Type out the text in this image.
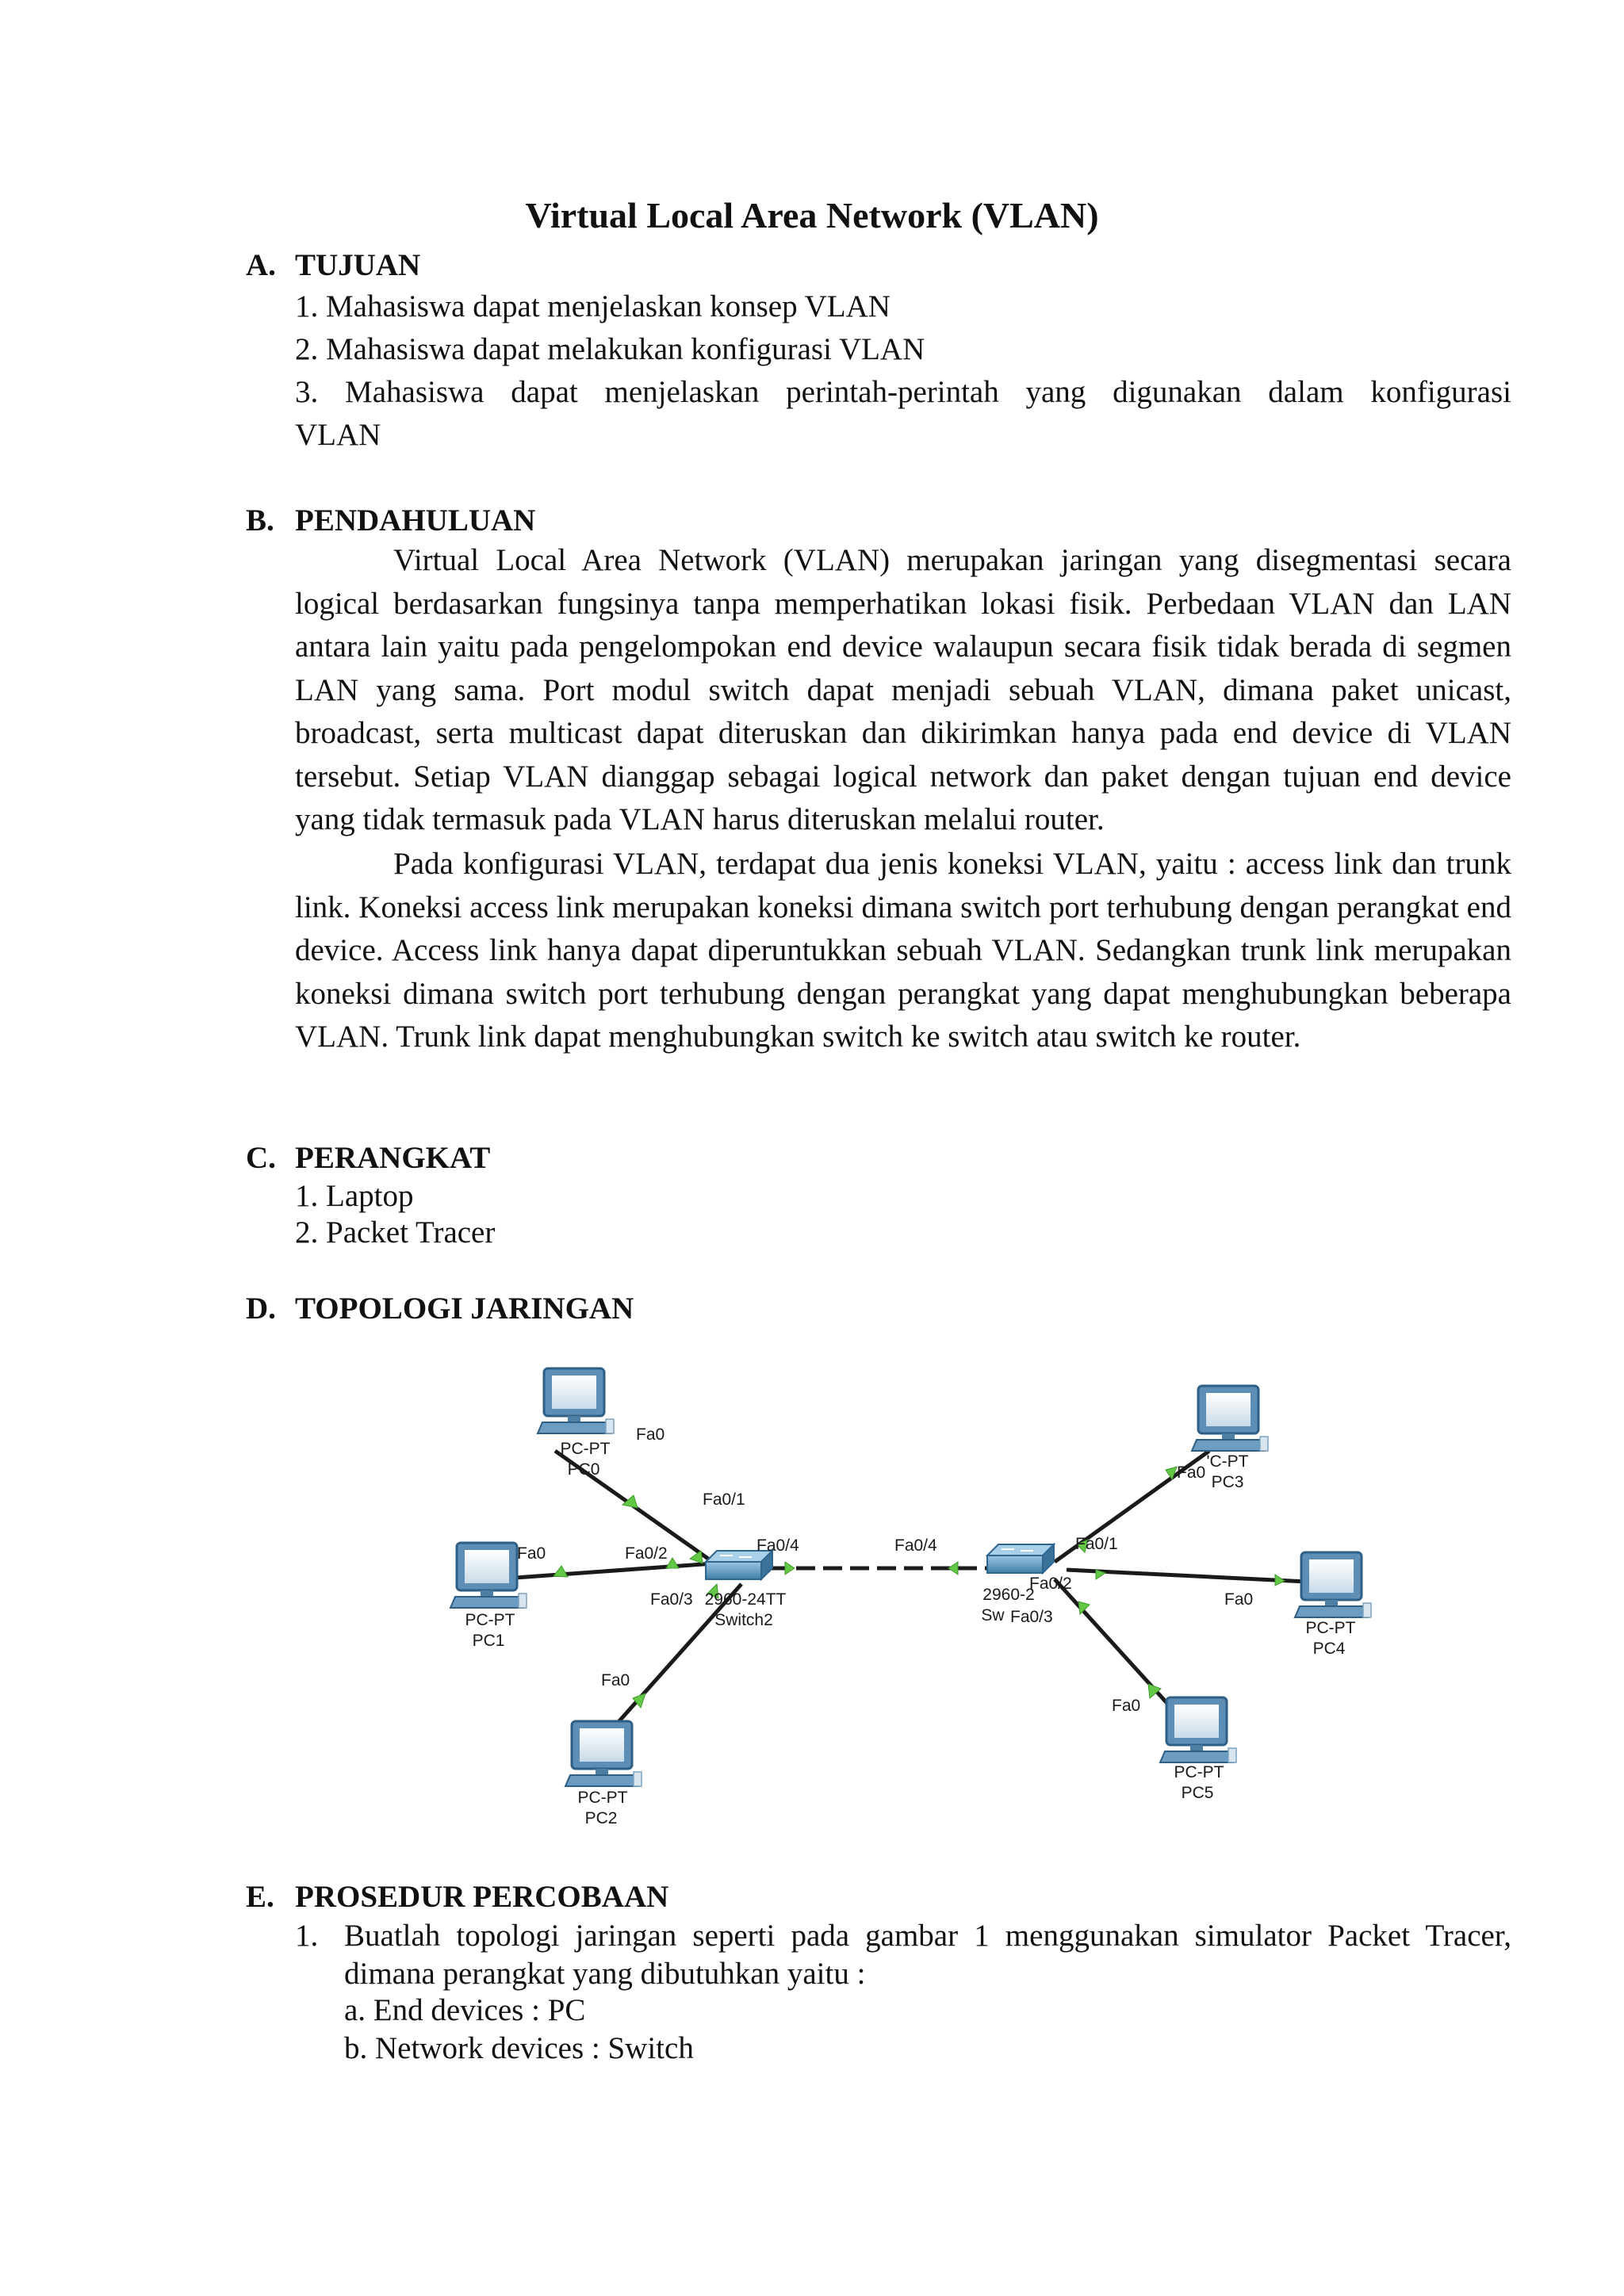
Virtual Local Area Network (VLAN)
A. TUJUAN
1. Mahasiswa dapat menjelaskan konsep VLAN
2. Mahasiswa dapat melakukan konfigurasi VLAN
3. Mahasiswa dapat menjelaskan perintah-perintah yang digunakan dalam konfigurasi
VLAN
B. PENDAHULUAN
Virtual Local Area Network (VLAN) merupakan jaringan yang disegmentasi secara logical berdasarkan fungsinya tanpa memperhatikan lokasi fisik. Perbedaan VLAN dan LAN antara lain yaitu pada pengelompokan end device walaupun secara fisik tidak berada di segmen LAN yang sama. Port modul switch dapat menjadi sebuah VLAN, dimana paket unicast, broadcast, serta multicast dapat diteruskan dan dikirimkan hanya pada end device di VLAN tersebut. Setiap VLAN dianggap sebagai logical network dan paket dengan tujuan end device yang tidak termasuk pada VLAN harus diteruskan melalui router.
Pada konfigurasi VLAN, terdapat dua jenis koneksi VLAN, yaitu : access link dan trunk link. Koneksi access link merupakan koneksi dimana switch port terhubung dengan perangkat end device. Access link hanya dapat diperuntukkan sebuah VLAN. Sedangkan trunk link merupakan koneksi dimana switch port terhubung dengan perangkat yang dapat menghubungkan beberapa VLAN. Trunk link dapat menghubungkan switch ke switch atau switch ke router.
C. PERANGKAT
1. Laptop
2. Packet Tracer
D. TOPOLOGI JARINGAN
PC-PT
PC0
PC-PT
PC1
PC-PT
PC2
'C-PT
PC3
PC-PT
PC4
PC-PT
PC5
2960-24TT
Switch2
2960-2
Sw
Fa0
Fa0/1
Fa0	Fa0/2	Fa0/4
Fa0/3
Fa0
Fa0/4	Fa0/1
Fa0/2
Fa0/3
Fa0
Fa0
Fa0
E. PROSEDUR PERCOBAAN
1. Buatlah topologi jaringan seperti pada gambar 1 menggunakan simulator Packet Tracer, dimana perangkat yang dibutuhkan yaitu :
a. End devices : PC
b. Network devices : Switch
